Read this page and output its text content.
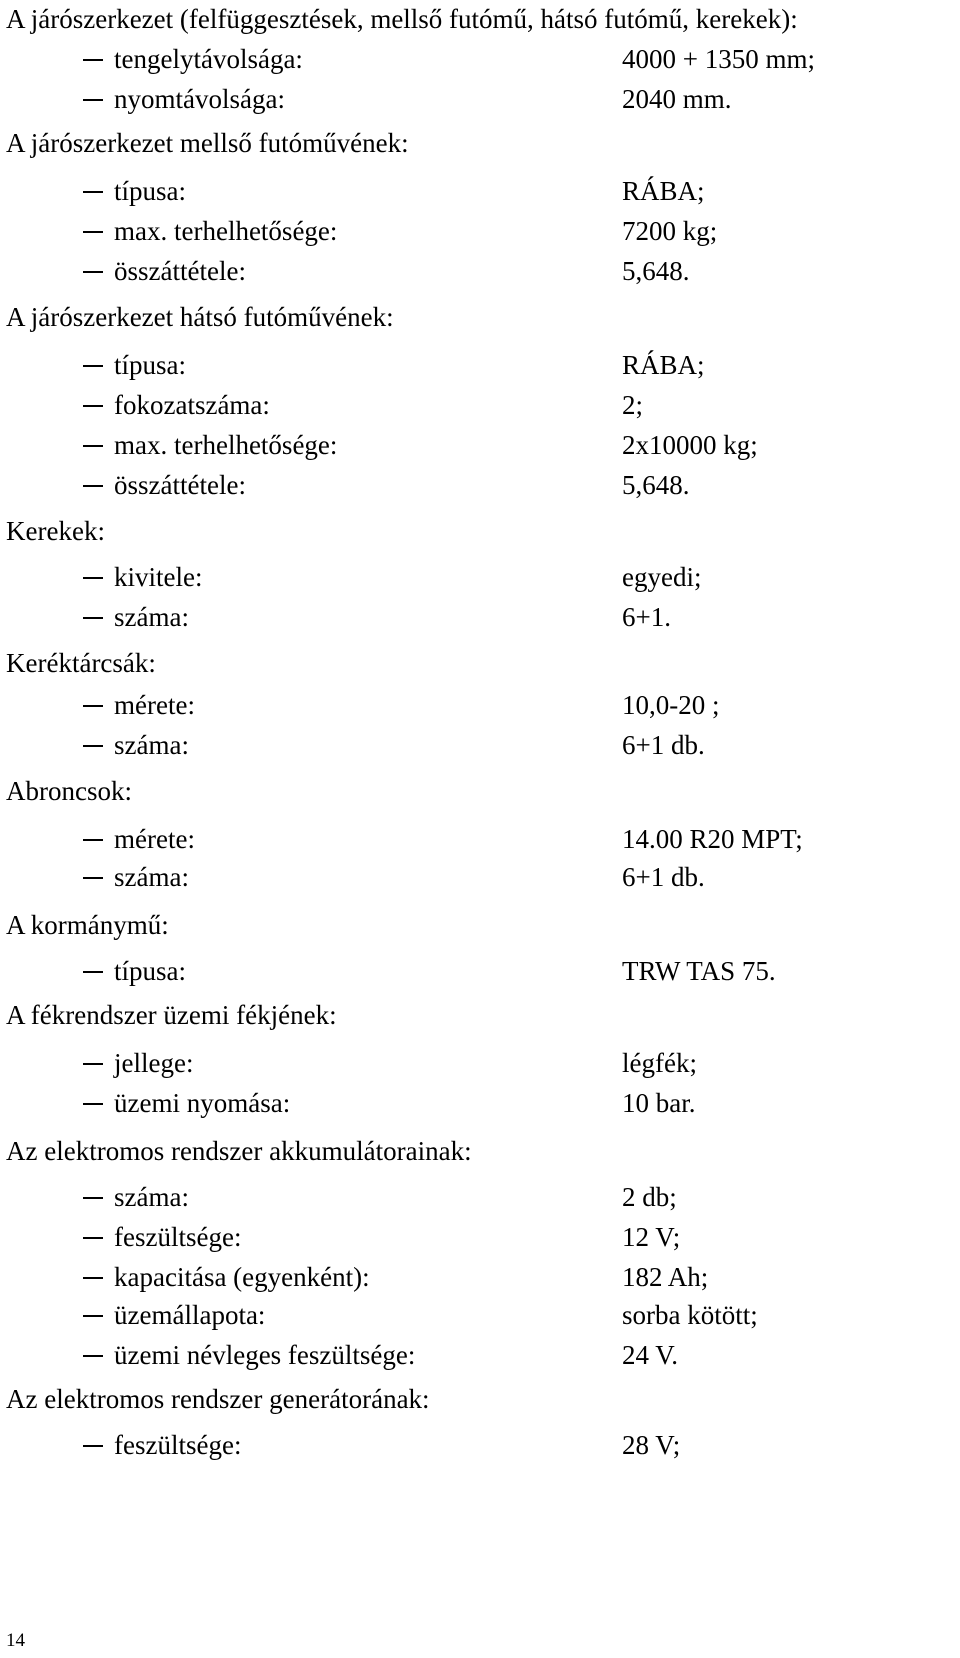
A járószerkezet (felfüggesztések, mellső futómű, hátsó futómű, kerekek):
tengelytávolsága:	4000 + 1350 mm;
nyomtávolsága:	2040 mm.
A járószerkezet mellső futóművének:
típusa:	RÁBA;
max. terhelhetősége:	7200 kg;
összáttétele:	5,648.
A járószerkezet hátsó futóművének:
típusa:	RÁBA;
fokozatszáma:	2;
max. terhelhetősége:	2x10000 kg;
összáttétele:	5,648.
Kerekek:
kivitele:	egyedi;
száma:	6+1.
Keréktárcsák:
mérete:	10,0-20 ;
száma:	6+1 db.
Abroncsok:
mérete:	14.00 R20 MPT;
száma:	6+1 db.
A kormánymű:
típusa:	TRW TAS 75.
A fékrendszer üzemi fékjének:
jellege:	légfék;
üzemi nyomása:	10 bar.
Az elektromos rendszer akkumulátorainak:
száma:	2 db;
feszültsége:	12 V;
kapacitása (egyenként):	182 Ah;
üzemállapota:	sorba kötött;
üzemi névleges feszültsége:	24 V.
Az elektromos rendszer generátorának:
feszültsége:	28 V;
14
